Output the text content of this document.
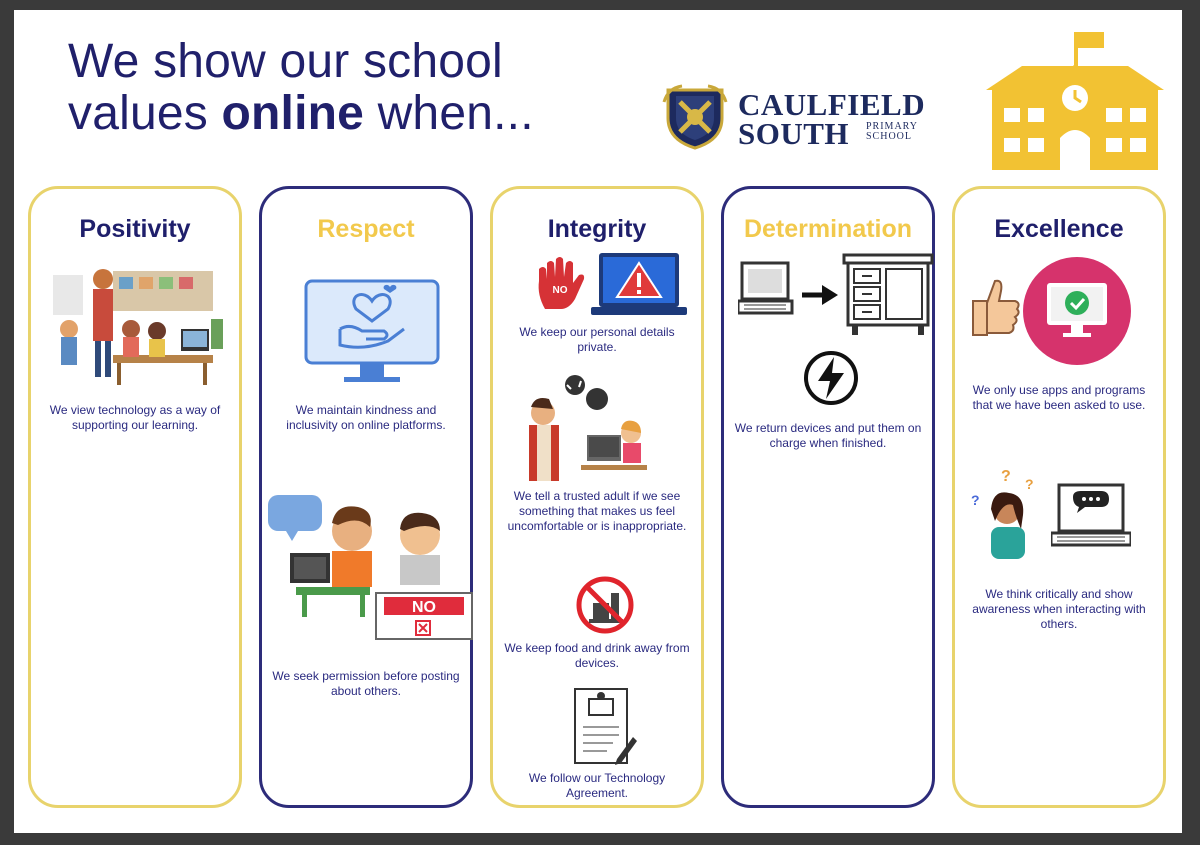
We show our school
values online when...	CAULFIELD
SOUTH	PRIMARY
SCHOOL
Positivity
We view technology as a way of supporting our learning.
Respect
We maintain kindness and inclusivity on online platforms.
NO
We seek permission before posting about others.
Integrity
NO
We keep our personal details private.
We tell a trusted adult if we see something that makes us feel uncomfortable or is inappropriate.
We keep food and drink away from devices.
We follow our Technology Agreement.
Determination
We return devices and put them on charge when finished.
Excellence
We only use apps and programs that we have been asked to use.
? ?
?
We think critically and show awareness when interacting with others.
